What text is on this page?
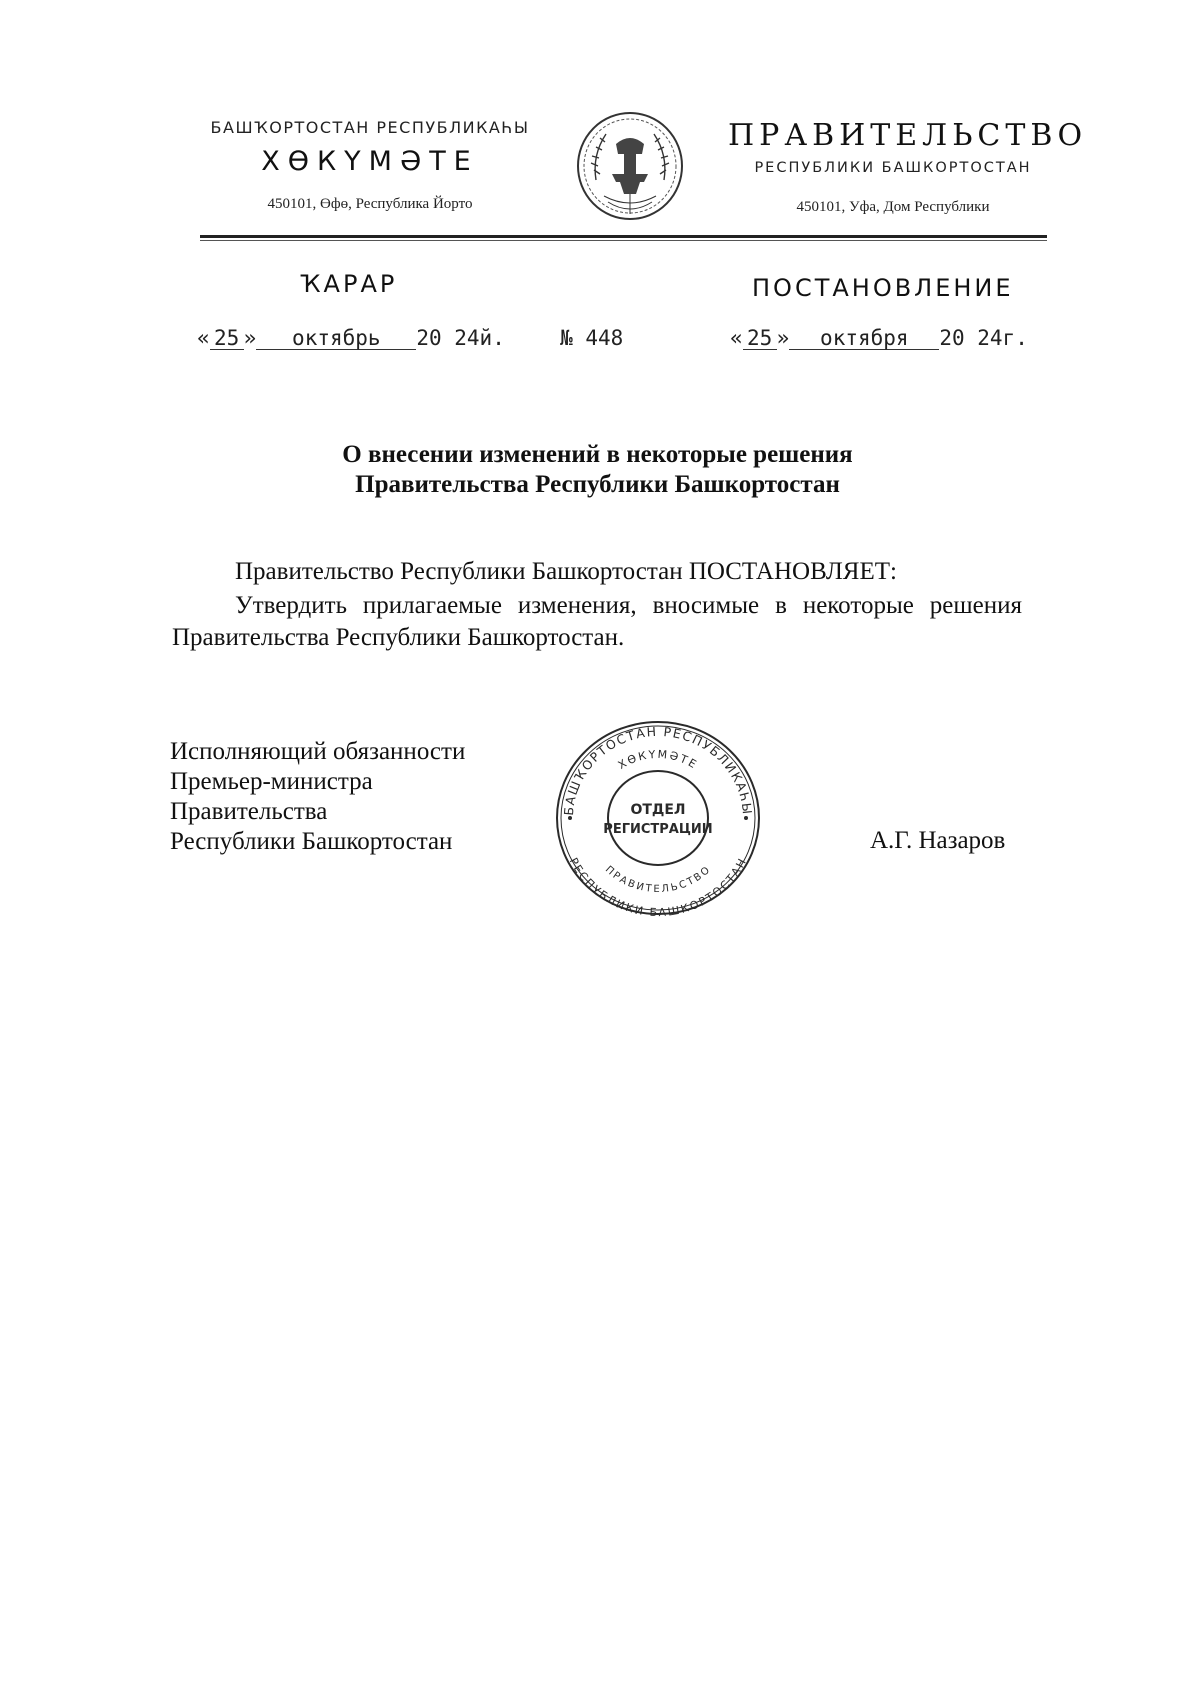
БАШҠОРТОСТАН РЕСПУБЛИКАҺЫ
ХӨКҮМӘТЕ
450101, Өфө, Республика Йорто
ПРАВИТЕЛЬСТВО
РЕСПУБЛИКИ БАШКОРТОСТАН
450101, Уфа, Дом Республики
ҠАРАР	ПОСТАНОВЛЕНИЕ
« 25 » октябрь 20 24й.	№ 448	« 25 » октября 20 24г.
О внесении изменений в некоторые решения
Правительства Республики Башкортостан
Правительство Республики Башкортостан ПОСТАНОВЛЯЕТ:
Утвердить прилагаемые изменения, вносимые в некоторые решения Правительства Республики Башкортостан.
Исполняющий обязанности
Премьер-министра
Правительства
Республики Башкортостан	А.Г. Назаров
БАШҠОРТОСТАН РЕСПУБЛИКАҺЫ
ХӨКҮМӘТЕ
РЕСПУБЛИКИ БАШКОРТОСТАН
ПРАВИТЕЛЬСТВО
ОТДЕЛ
РЕГИСТРАЦИИ
